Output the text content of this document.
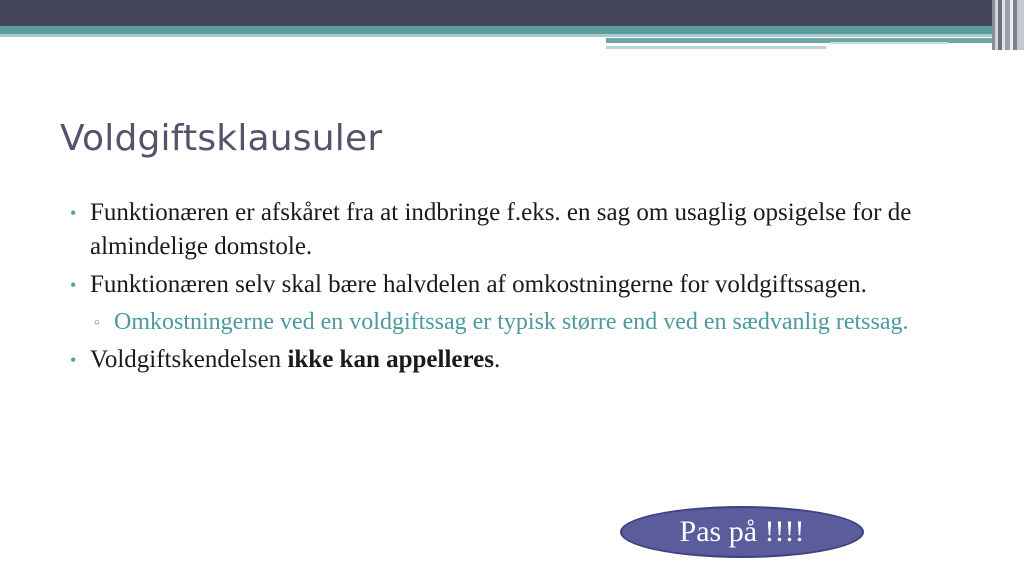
Voldgiftsklausuler
• Funktionæren er afskåret fra at indbringe f.eks. en sag om usaglig opsigelse for de almindelige domstole.
• Funktionæren selv skal bære halvdelen af omkostningerne for voldgiftssagen.
▫ Omkostningerne ved en voldgiftssag er typisk større end ved en sædvanlig retssag.
• Voldgiftskendelsen ikke kan appelleres.
Pas på !!!!
